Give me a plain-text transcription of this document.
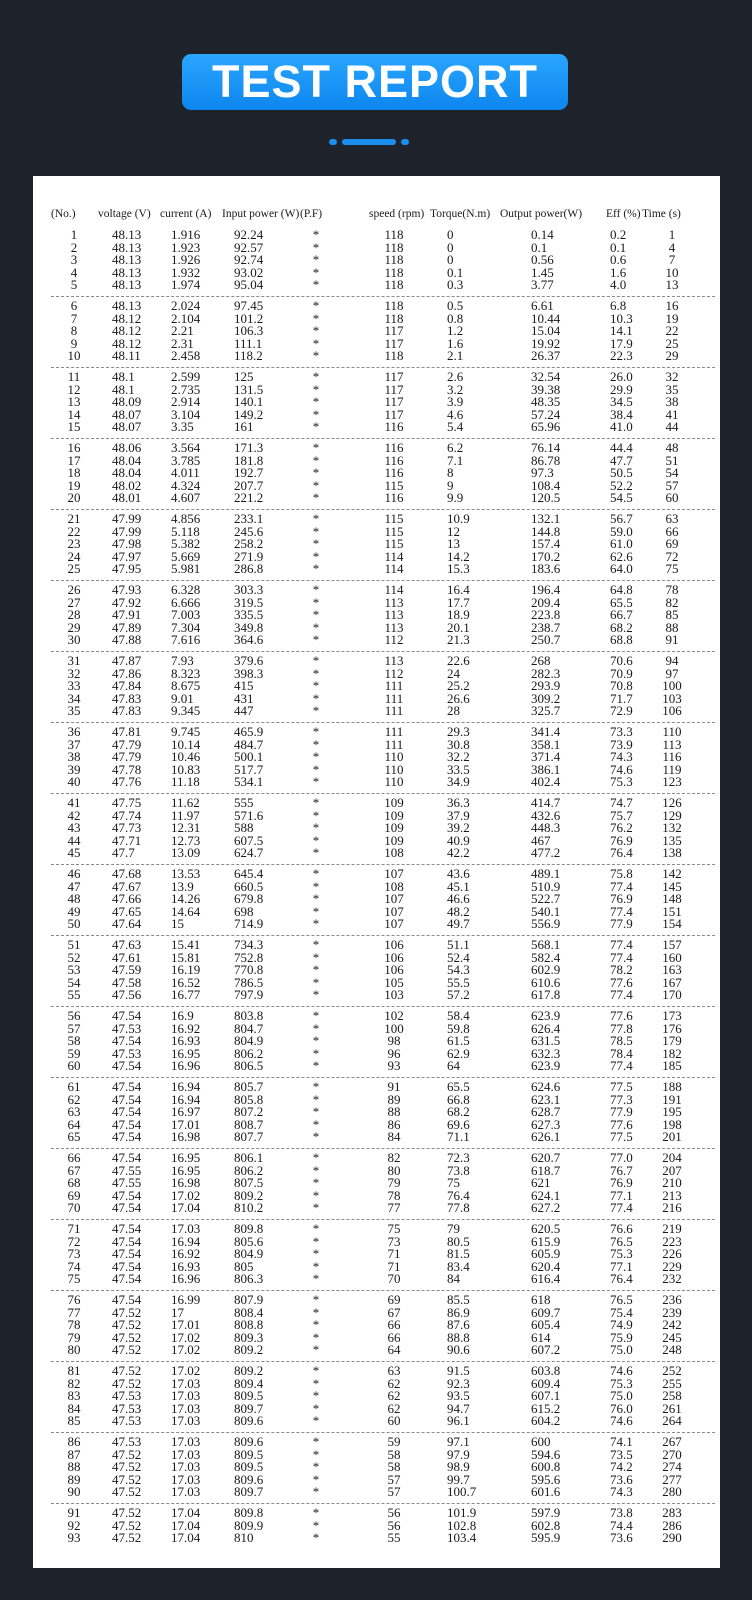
TEST REPORT
(No.) voltage (V) current (A) Input power (W) (P.F)	speed (rpm) Torque(N.m) Output power(W) Eff (%) Time (s)
1	48.13 1.916	92.24	*	118	0	0.14	0.2	1
2	48.13 1.923	92.57	*	118	0	0.1	0.1	4
3	48.13 1.926	92.74	*	118	0	0.56	0.6	7
4	48.13 1.932	93.02	*	118	0.1	1.45	1.6	10
5	48.13 1.974	95.04	*	118	0.3	3.77	4.0	13
6	48.13 2.024	97.45	*	118	0.5	6.61	6.8	16
7	48.12 2.104	101.2	*	118	0.8	10.44	10.3	19
8	48.12 2.21	106.3	*	117	1.2	15.04	14.1	22
9	48.12 2.31	111.1	*	117	1.6	19.92	17.9	25
10 48.11 2.458	118.2	*	118	2.1	26.37	22.3	29
11 48.1	2.599	125	*	117	2.6	32.54	26.0	32
12 48.1	2.735	131.5	*	117	3.2	39.38	29.9	35
13 48.09 2.914	140.1	*	117	3.9	48.35	34.5	38
14 48.07 3.104	149.2	*	117	4.6	57.24	38.4	41
15 48.07 3.35	161	*	116	5.4	65.96	41.0	44
16 48.06 3.564	171.3	*	116	6.2	76.14	44.4	48
17 48.04 3.785	181.8	*	116	7.1	86.78	47.7	51
18 48.04 4.011	192.7	*	116	8	97.3	50.5	54
19 48.02 4.324	207.7	*	115	9	108.4	52.2	57
20 48.01 4.607	221.2	*	116	9.9	120.5	54.5	60
21 47.99 4.856	233.1	*	115	10.9	132.1	56.7	63
22 47.99 5.118	245.6	*	115	12	144.8	59.0	66
23 47.98 5.382	258.2	*	115	13	157.4	61.0	69
24 47.97 5.669	271.9	*	114	14.2	170.2	62.6	72
25 47.95 5.981	286.8	*	114	15.3	183.6	64.0	75
26 47.93 6.328	303.3	*	114	16.4	196.4	64.8	78
27 47.92 6.666	319.5	*	113	17.7	209.4	65.5	82
28 47.91 7.003	335.5	*	113	18.9	223.8	66.7	85
29 47.89 7.304	349.8	*	113	20.1	238.7	68.2	88
30 47.88 7.616	364.6	*	112	21.3	250.7	68.8	91
31 47.87 7.93	379.6	*	113	22.6	268	70.6	94
32 47.86 8.323	398.3	*	112	24	282.3	70.9	97
33 47.84 8.675	415	*	111	25.2	293.9	70.8	100
34 47.83 9.01	431	*	111	26.6	309.2	71.7	103
35 47.83 9.345	447	*	111	28	325.7	72.9	106
36 47.81 9.745	465.9	*	111	29.3	341.4	73.3	110
37 47.79 10.14	484.7	*	111	30.8	358.1	73.9	113
38 47.79 10.46	500.1	*	110	32.2	371.4	74.3	116
39 47.78 10.83	517.7	*	110	33.5	386.1	74.6	119
40 47.76 11.18	534.1	*	110	34.9	402.4	75.3	123
41 47.75 11.62	555	*	109	36.3	414.7	74.7	126
42 47.74 11.97	571.6	*	109	37.9	432.6	75.7	129
43 47.73 12.31	588	*	109	39.2	448.3	76.2	132
44 47.71 12.73	607.5	*	109	40.9	467	76.9	135
45 47.7	13.09	624.7	*	108	42.2	477.2	76.4	138
46 47.68 13.53	645.4	*	107	43.6	489.1	75.8	142
47 47.67 13.9	660.5	*	108	45.1	510.9	77.4	145
48 47.66 14.26	679.8	*	107	46.6	522.7	76.9	148
49 47.65 14.64	698	*	107	48.2	540.1	77.4	151
50 47.64 15	714.9	*	107	49.7	556.9	77.9	154
51 47.63 15.41	734.3	*	106	51.1	568.1	77.4	157
52 47.61 15.81	752.8	*	106	52.4	582.4	77.4	160
53 47.59 16.19	770.8	*	106	54.3	602.9	78.2	163
54 47.58 16.52	786.5	*	105	55.5	610.6	77.6	167
55 47.56 16.77	797.9	*	103	57.2	617.8	77.4	170
56 47.54 16.9	803.8	*	102	58.4	623.9	77.6	173
57 47.53 16.92	804.7	*	100	59.8	626.4	77.8	176
58 47.54 16.93	804.9	*	98	61.5	631.5	78.5	179
59 47.53 16.95	806.2	*	96	62.9	632.3	78.4	182
60 47.54 16.96	806.5	*	93	64	623.9	77.4	185
61 47.54 16.94	805.7	*	91	65.5	624.6	77.5	188
62 47.54 16.94	805.8	*	89	66.8	623.1	77.3	191
63 47.54 16.97	807.2	*	88	68.2	628.7	77.9	195
64 47.54 17.01	808.7	*	86	69.6	627.3	77.6	198
65 47.54 16.98	807.7	*	84	71.1	626.1	77.5	201
66 47.54 16.95	806.1	*	82	72.3	620.7	77.0	204
67 47.55 16.95	806.2	*	80	73.8	618.7	76.7	207
68 47.55 16.98	807.5	*	79	75	621	76.9	210
69 47.54 17.02	809.2	*	78	76.4	624.1	77.1	213
70 47.54 17.04	810.2	*	77	77.8	627.2	77.4	216
71 47.54 17.03	809.8	*	75	79	620.5	76.6	219
72 47.54 16.94	805.6	*	73	80.5	615.9	76.5	223
73 47.54 16.92	804.9	*	71	81.5	605.9	75.3	226
74 47.54 16.93	805	*	71	83.4	620.4	77.1	229
75 47.54 16.96	806.3	*	70	84	616.4	76.4	232
76 47.54 16.99	807.9	*	69	85.5	618	76.5	236
77 47.52 17	808.4	*	67	86.9	609.7	75.4	239
78 47.52 17.01	808.8	*	66	87.6	605.4	74.9	242
79 47.52 17.02	809.3	*	66	88.8	614	75.9	245
80 47.52 17.02	809.2	*	64	90.6	607.2	75.0	248
81 47.52 17.02	809.2	*	63	91.5	603.8	74.6	252
82 47.52 17.03	809.4	*	62	92.3	609.4	75.3	255
83 47.53 17.03	809.5	*	62	93.5	607.1	75.0	258
84 47.53 17.03	809.7	*	62	94.7	615.2	76.0	261
85 47.53 17.03	809.6	*	60	96.1	604.2	74.6	264
86 47.53 17.03	809.6	*	59	97.1	600	74.1	267
87 47.52 17.03	809.5	*	58	97.9	594.6	73.5	270
88 47.52 17.03	809.5	*	58	98.9	600.8	74.2	274
89 47.52 17.03	809.6	*	57	99.7	595.6	73.6	277
90 47.52 17.03	809.7	*	57	100.7	601.6	74.3	280
91 47.52 17.04	809.8	*	56	101.9	597.9	73.8	283
92 47.52 17.04	809.9	*	56	102.8	602.8	74.4	286
93 47.52 17.04	810	*	55	103.4	595.9	73.6	290
